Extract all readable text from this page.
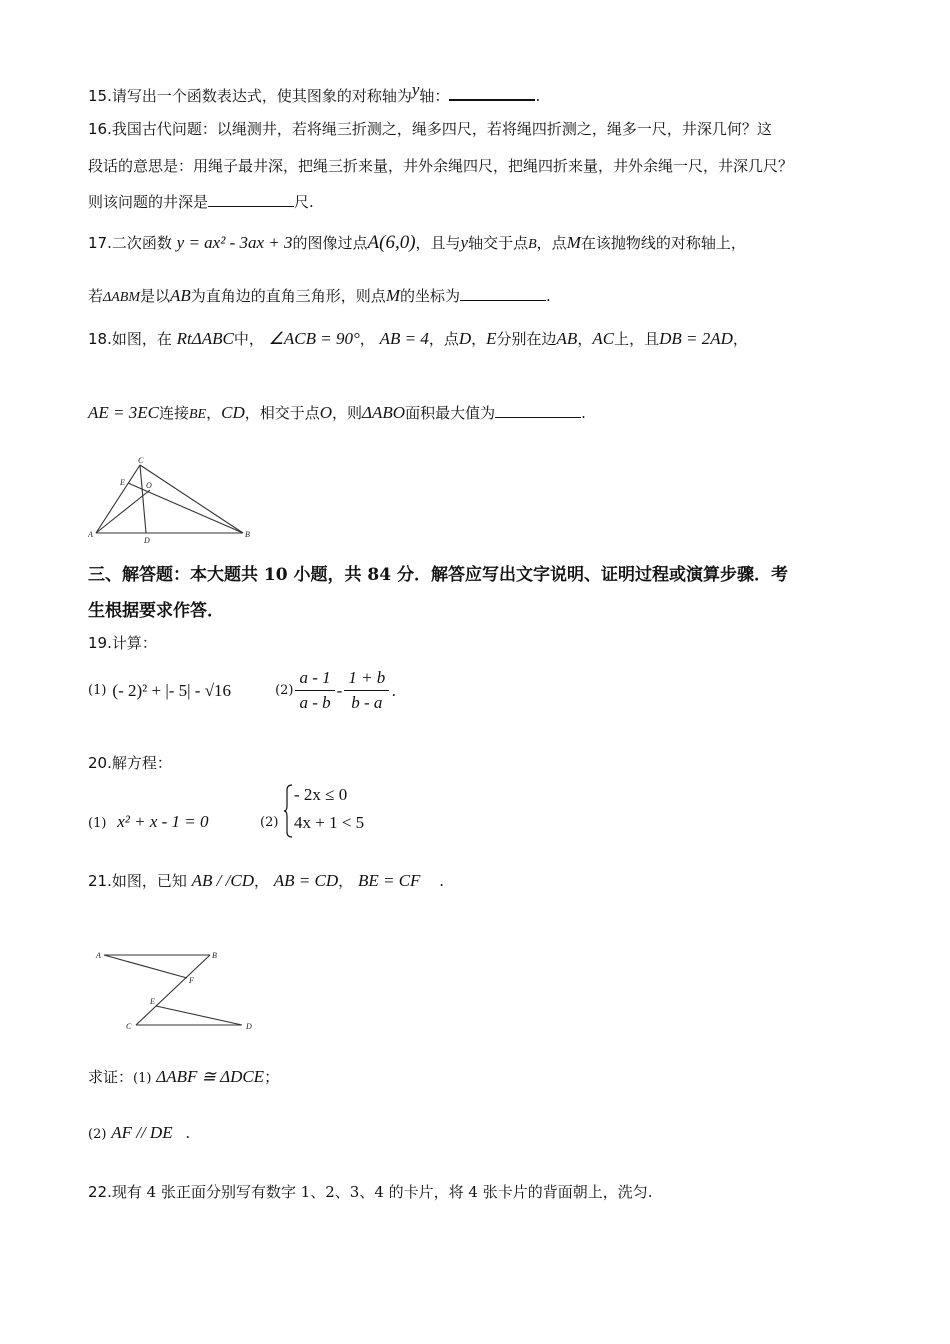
15.请写出一个函数表达式，使其图象的对称轴为$^y$轴：	.
16.我国古代问题：以绳测井，若将绳三折测之，绳多四尺，若将绳四折测之，绳多一尺，井深几何？这
段话的意思是：用绳子最井深，把绳三折来量，井外余绳四尺，把绳四折来量，井外余绳一尺，井深几尺？
则该问题的井深是	尺.
17.二次函数 y = ax² - 3ax + 3的图像过点A(6,0)，且与y轴交于点B，点M在该抛物线的对称轴上，
若ΔABM是以AB为直角边的直角三角形，则点M的坐标为	.
18.如图，在 RtΔABC中， ∠ACB = 90°， AB = 4，点D，E分别在边AB，AC上，且DB = 2AD，
AE = 3EC连接BE，CD，相交于点O，则ΔABO面积最大值为	.
A	B
C
D
E	O
三、解答题：本大题共 10 小题，共 84 分．解答应写出文字说明、证明过程或演算步骤．考
生根据要求作答．
19.计算：
(1) (- 2)² + |- 5| - √16	$(2) \frac{a - 1}{a - b} - \frac{1 + b}{b - a}$ .
20.解方程：
(1) x² + x - 1 = 0	(2)
- 2x ≤ 0
4x + 1 < 5
21.如图，已知 AB / /CD， AB = CD， BE = CF .
A	B
C	D
E
F
求证：(1) ΔABF ≅ ΔDCE；
(2) AF // DE .
22.现有 4 张正面分别写有数字 1、2、3、4 的卡片，将 4 张卡片的背面朝上，洗匀.
